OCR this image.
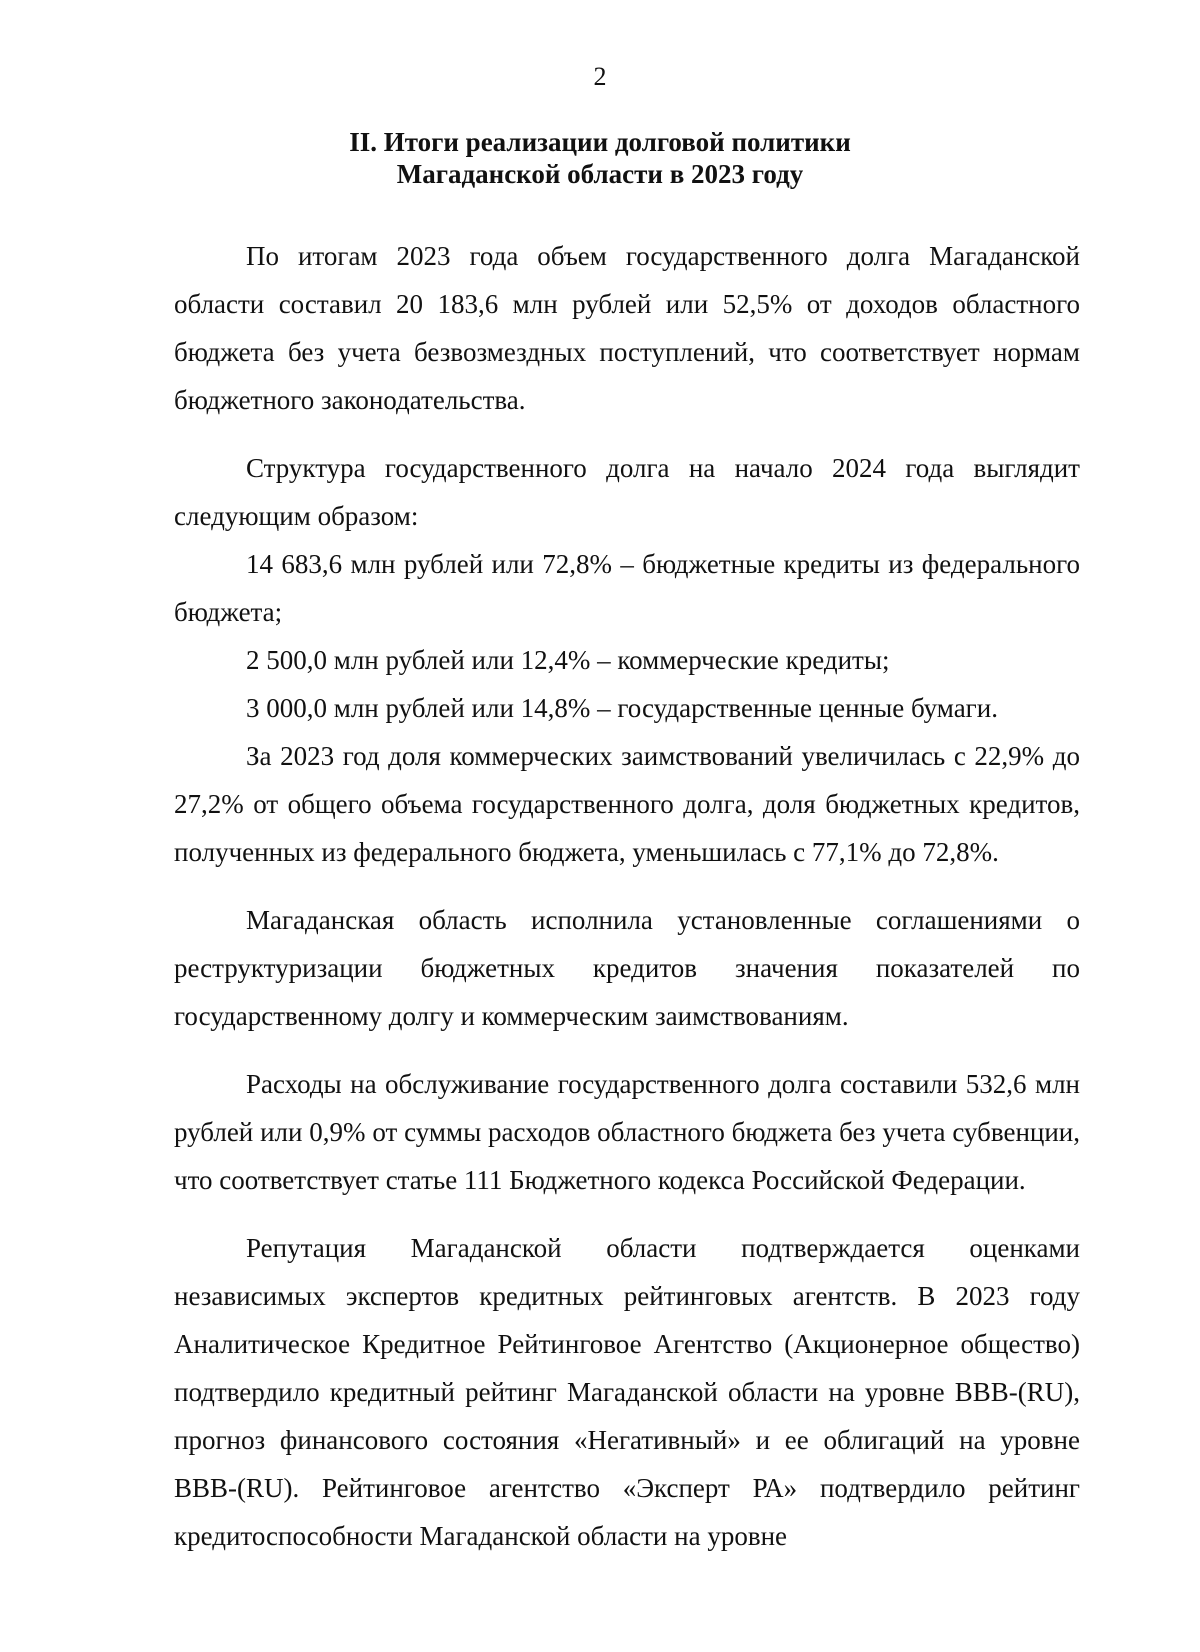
2
II. Итоги реализации долговой политики
Магаданской области в 2023 году

По итогам 2023 года объем государственного долга Магаданской области составил 20 183,6 млн рублей или 52,5% от доходов областного бюджета без учета безвозмездных поступлений, что соответствует нормам бюджетного законодательства.

Структура государственного долга на начало 2024 года выглядит следующим образом:

14 683,6 млн рублей или 72,8% – бюджетные кредиты из федерального бюджета;

2 500,0 млн рублей или 12,4% – коммерческие кредиты;

3 000,0 млн рублей или 14,8% – государственные ценные бумаги.

За 2023 год доля коммерческих заимствований увеличилась с 22,9% до 27,2% от общего объема государственного долга, доля бюджетных кредитов, полученных из федерального бюджета, уменьшилась с 77,1% до 72,8%.

Магаданская область исполнила установленные соглашениями о реструктуризации бюджетных кредитов значения показателей по государственному долгу и коммерческим заимствованиям.

Расходы на обслуживание государственного долга составили 532,6 млн рублей или 0,9% от суммы расходов областного бюджета без учета субвенции, что соответствует статье 111 Бюджетного кодекса Российской Федерации.

Репутация Магаданской области подтверждается оценками независимых экспертов кредитных рейтинговых агентств. В 2023 году Аналитическое Кредитное Рейтинговое Агентство (Акционерное общество) подтвердило кредитный рейтинг Магаданской области на уровне BBB-(RU), прогноз финансового состояния «Негативный» и ее облигаций на уровне BBB-(RU). Рейтинговое агентство «Эксперт РА» подтвердило рейтинг кредитоспособности Магаданской области на уровне
